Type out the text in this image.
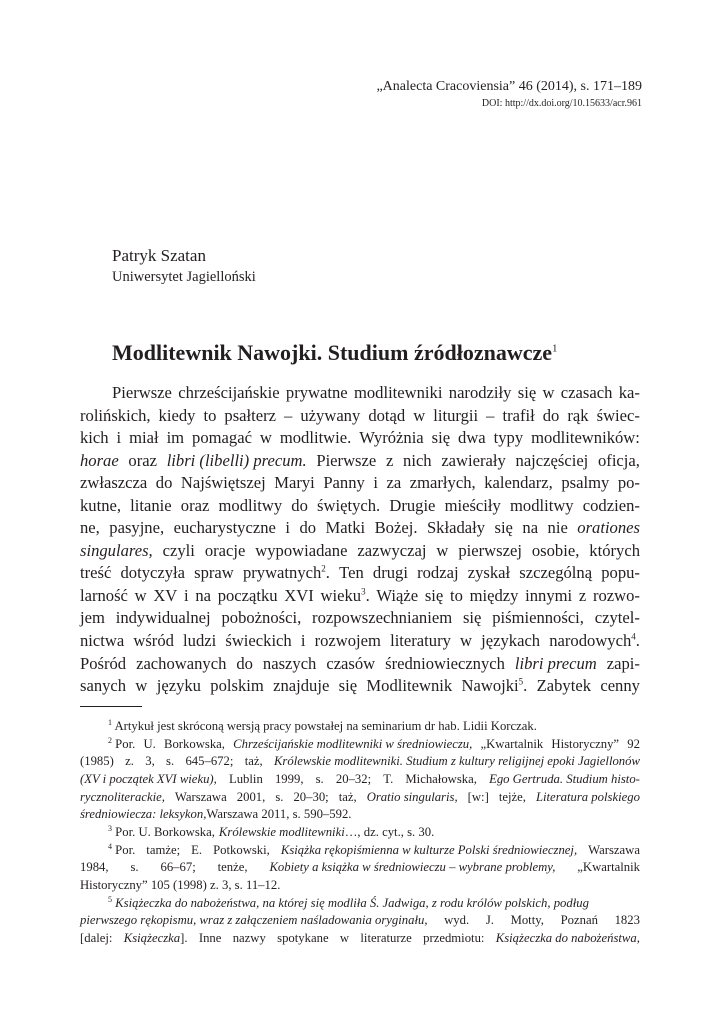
„Analecta Cracoviensia” 46 (2014), s. 171–189
DOI: http://dx.doi.org/10.15633/acr.961
Patryk Szatan
Uniwersytet Jagielloński
Modlitewnik Nawojki. Studium źródłoznawcze$^1$
Pierwsze chrześcijańskie prywatne modlitewniki narodziły się w czasach ka-
rolińskich, kiedy to psałterz – używany dotąd w liturgii – trafił do rąk świec-
kich i miał im pomagać w modlitwie. Wyróżnia się dwa typy modlitewników:
horae oraz libri (libelli) precum. Pierwsze z nich zawierały najczęściej oficja,
zwłaszcza do Najświętszej Maryi Panny i za zmarłych, kalendarz, psalmy po-
kutne, litanie oraz modlitwy do świętych. Drugie mieściły modlitwy codzien-
ne, pasyjne, eucharystyczne i do Matki Bożej. Składały się na nie orationes
singulares, czyli oracje wypowiadane zazwyczaj w pierwszej osobie, których
treść dotyczyła spraw prywatnych$^2$. Ten drugi rodzaj zyskał szczególną popu-
larność w XV i na początku XVI wieku$^3$. Wiąże się to między innymi z rozwo-
jem indywidualnej pobożności, rozpowszechnianiem się piśmienności, czytel-
nictwa wśród ludzi świeckich i rozwojem literatury w językach narodowych$^4$.
Pośród zachowanych do naszych czasów średniowiecznych libri precum zapi-
sanych w języku polskim znajduje się Modlitewnik Nawojki$^5$. Zabytek cenny
$^1$ Artykuł jest skróconą wersją pracy powstałej na seminarium dr hab. Lidii Korczak.
$^2$ Por. U. Borkowska, Chrześcijańskie modlitewniki w średniowieczu, „Kwartalnik Historyczny” 92
(1985) z. 3, s. 645–672; taż, Królewskie modlitewniki. Studium z kultury religijnej epoki Jagiellonów
(XV i początek XVI wieku), Lublin 1999, s. 20–32; T. Michałowska, Ego Gertruda. Studium histo-
rycznoliterackie, Warszawa 2001, s. 20–30; taż, Oratio singularis, [w:] tejże, Literatura polskiego
średniowiecza: leksykon, Warszawa 2011, s. 590–592.
$^3$ Por. U. Borkowska, Królewskie modlitewniki…, dz. cyt., s. 30.
$^4$ Por. tamże; E. Potkowski, Książka rękopiśmienna w kulturze Polski średniowiecznej, Warszawa
1984, s. 66–67; tenże, Kobiety a książka w średniowieczu – wybrane problemy, „Kwartalnik
Historyczny” 105 (1998) z. 3, s. 11–12.
$^5$ Książeczka do nabożeństwa, na której się modliła Ś. Jadwiga, z rodu królów polskich, podług
pierwszego rękopismu, wraz z załączeniem naśladowania oryginału, wyd. J. Motty, Poznań 1823
[dalej: Książeczka]. Inne nazwy spotykane w literaturze przedmiotu: Książeczka do nabożeństwa,
